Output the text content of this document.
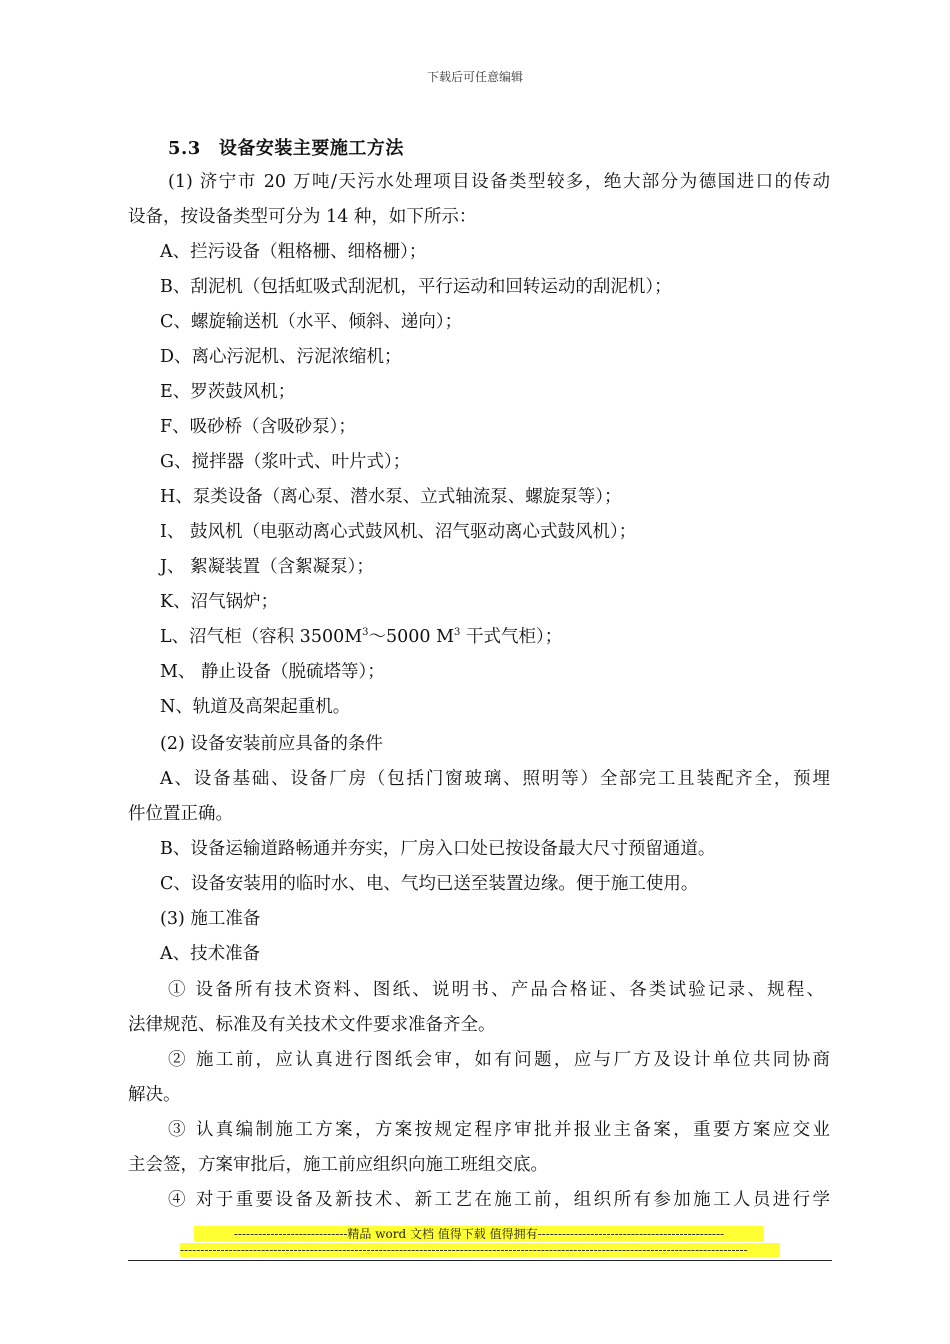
下载后可任意编辑
5.3 设备安装主要施工方法
(1) 济宁市 20 万吨/天污水处理项目设备类型较多，绝大部分为德国进口的传动
设备，按设备类型可分为 14 种，如下所示：
A、拦污设备（粗格栅、细格栅）；
B、刮泥机（包括虹吸式刮泥机，平行运动和回转运动的刮泥机）；
C、螺旋输送机（水平、倾斜、递向）；
D、离心污泥机、污泥浓缩机；
E、罗茨鼓风机；
F、吸砂桥（含吸砂泵）；
G、搅拌器（浆叶式、叶片式）；
H、泵类设备（离心泵、潜水泵、立式轴流泵、螺旋泵等）；
I、 鼓风机（电驱动离心式鼓风机、沼气驱动离心式鼓风机）；
J、 絮凝装置（含絮凝泵）；
K、沼气锅炉；
L、沼气柜（容积 $3500M^3\sim 5000$ $M^3$ 干式气柜）；
M、 静止设备（脱硫塔等）；
N、轨道及高架起重机。
(2) 设备安装前应具备的条件
A、设备基础、设备厂房（包括门窗玻璃、照明等）全部完工且装配齐全，预埋
件位置正确。
B、设备运输道路畅通并夯实，厂房入口处已按设备最大尺寸预留通道。
C、设备安装用的临时水、电、气均已送至装置边缘。便于施工使用。
(3) 施工准备
A、技术准备
① 设备所有技术资料、图纸、说明书、产品合格证、各类试验记录、规程、
法律规范、标准及有关技术文件要求准备齐全。
② 施工前，应认真进行图纸会审，如有问题，应与厂方及设计单位共同协商
解决。
③ 认真编制施工方案，方案按规定程序审批并报业主备案，重要方案应交业
主会签，方案审批后，施工前应组织向施工班组交底。
④ 对于重要设备及新技术、新工艺在施工前，组织所有参加施工人员进行学
----------------------------精品 word 文档 值得下载 值得拥有----------------------------------------------
--------------------------------------------------------------------------------------------------------------------------------------------
